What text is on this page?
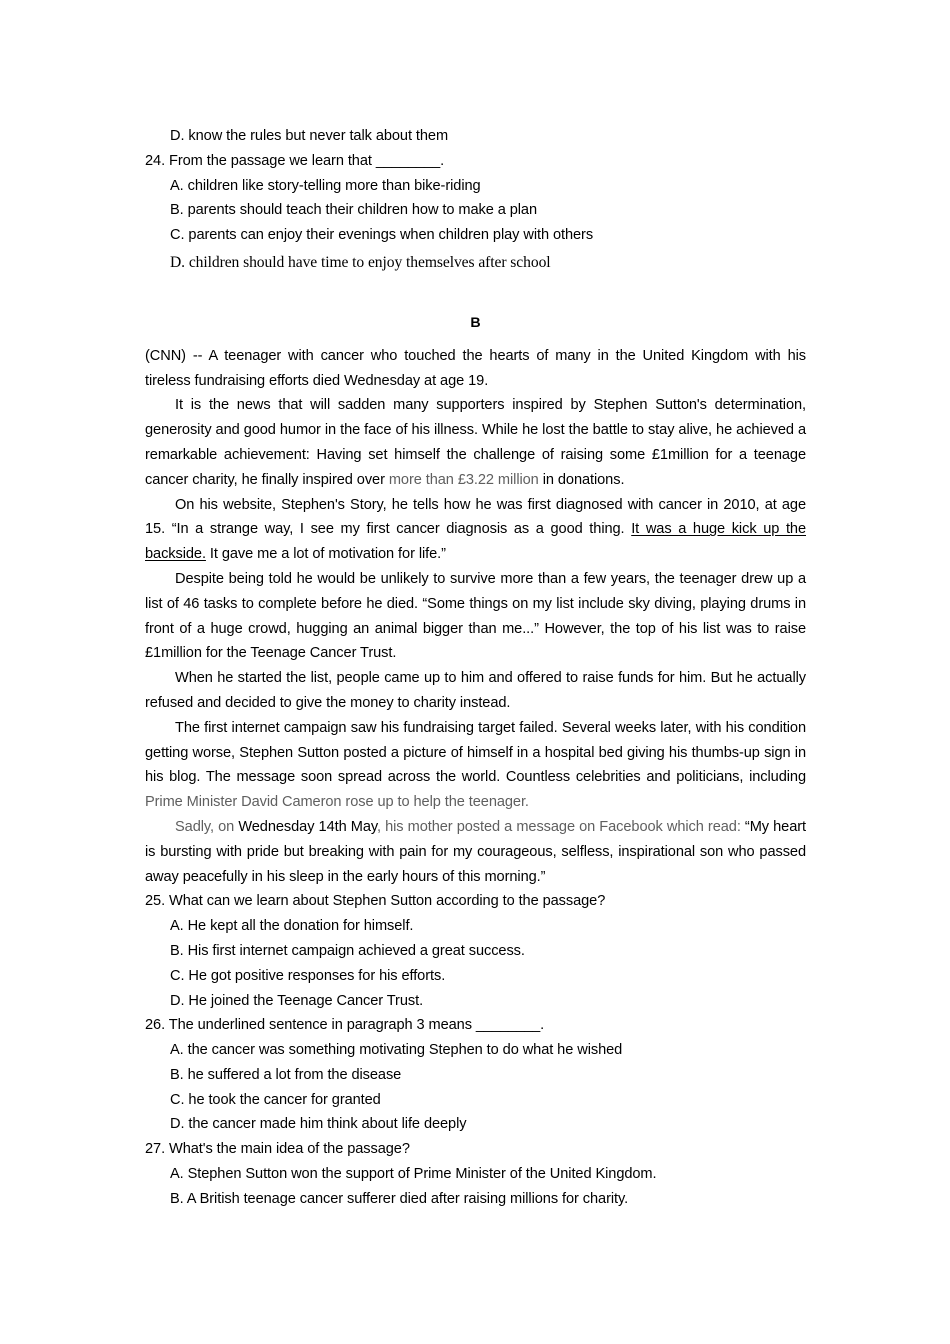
D. know the rules but never talk about them

24. From the passage we learn that ________.

A. children like story-telling more than bike-riding

B. parents should teach their children how to make a plan

C. parents can enjoy their evenings when children play with others

D. children should have time to enjoy themselves after school

B

(CNN) -- A teenager with cancer who touched the hearts of many in the United Kingdom with his tireless fundraising efforts died Wednesday at age 19.

It is the news that will sadden many supporters inspired by Stephen Sutton's determination, generosity and good humor in the face of his illness. While he lost the battle to stay alive, he achieved a remarkable achievement: Having set himself the challenge of raising some £1million for a teenage cancer charity, he finally inspired over more than £3.22 million in donations.

On his website, Stephen's Story, he tells how he was first diagnosed with cancer in 2010, at age 15. “In a strange way, I see my first cancer diagnosis as a good thing. It was a huge kick up the backside. It gave me a lot of motivation for life.”

Despite being told he would be unlikely to survive more than a few years, the teenager drew up a list of 46 tasks to complete before he died. “Some things on my list include sky diving, playing drums in front of a huge crowd, hugging an animal bigger than me...” However, the top of his list was to raise £1million for the Teenage Cancer Trust.

When he started the list, people came up to him and offered to raise funds for him. But he actually refused and decided to give the money to charity instead.

The first internet campaign saw his fundraising target failed. Several weeks later, with his condition getting worse, Stephen Sutton posted a picture of himself in a hospital bed giving his thumbs-up sign in his blog. The message soon spread across the world. Countless celebrities and politicians, including Prime Minister David Cameron rose up to help the teenager.

Sadly, on Wednesday 14th May, his mother posted a message on Facebook which read: “My heart is bursting with pride but breaking with pain for my courageous, selfless, inspirational son who passed away peacefully in his sleep in the early hours of this morning.”

25. What can we learn about Stephen Sutton according to the passage?

A. He kept all the donation for himself.

B. His first internet campaign achieved a great success.

C. He got positive responses for his efforts.

D. He joined the Teenage Cancer Trust.

26. The underlined sentence in paragraph 3 means ________.

A. the cancer was something motivating Stephen to do what he wished

B. he suffered a lot from the disease

C. he took the cancer for granted

D. the cancer made him think about life deeply

27. What's the main idea of the passage?

A. Stephen Sutton won the support of Prime Minister of the United Kingdom.

B. A British teenage cancer sufferer died after raising millions for charity.
